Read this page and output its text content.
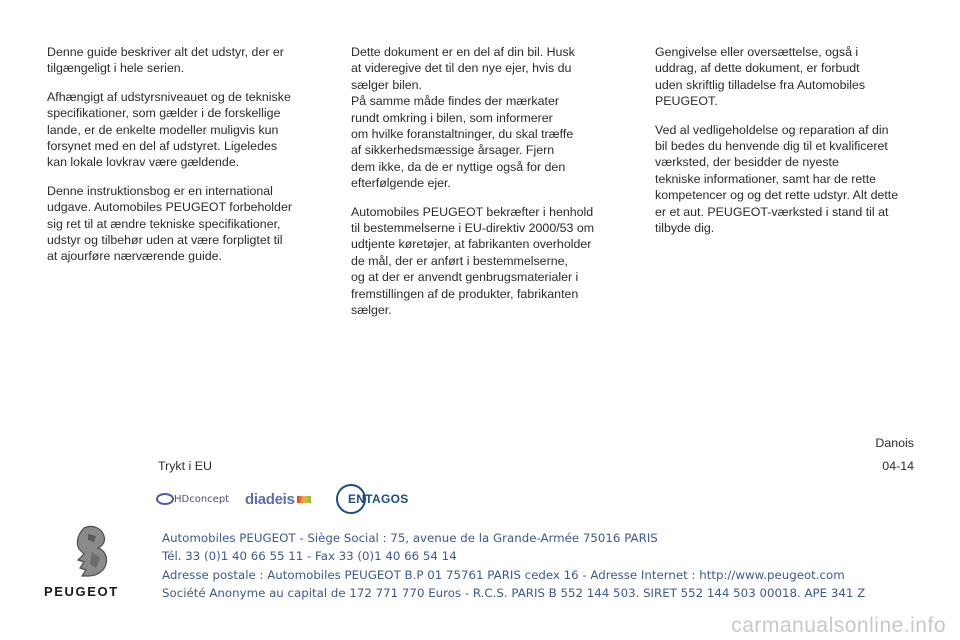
Denne guide beskriver alt det udstyr, der er
tilgængeligt i hele serien.

Afhængigt af udstyrsniveauet og de tekniske
specifikationer, som gælder i de forskellige
lande, er de enkelte modeller muligvis kun
forsynet med en del af udstyret. Ligeledes
kan lokale lovkrav være gældende.

Denne instruktionsbog er en international
udgave. Automobiles PEUGEOT forbeholder
sig ret til at ændre tekniske specifikationer,
udstyr og tilbehør uden at være forpligtet til
at ajourføre nærværende guide.

Dette dokument er en del af din bil. Husk
at videregive det til den nye ejer, hvis du
sælger bilen.
På samme måde findes der mærkater
rundt omkring i bilen, som informerer
om hvilke foranstaltninger, du skal træffe
af sikkerhedsmæssige årsager. Fjern
dem ikke, da de er nyttige også for den
efterfølgende ejer.

Automobiles PEUGEOT bekræfter i henhold
til bestemmelserne i EU-direktiv 2000/53 om
udtjente køretøjer, at fabrikanten overholder
de mål, der er anført i bestemmelserne,
og at der er anvendt genbrugsmaterialer i
fremstillingen af de produkter, fabrikanten
sælger.

Gengivelse eller oversættelse, også i
uddrag, af dette dokument, er forbudt
uden skriftlig tilladelse fra Automobiles
PEUGEOT.

Ved al vedligeholdelse og reparation af din
bil bedes du henvende dig til et kvalificeret
værksted, der besidder de nyeste
tekniske informationer, samt har de rette
kompetencer og og det rette udstyr. Alt dette
er et aut. PEUGEOT-værksted i stand til at
tilbyde dig.

Danois
04-14
Trykt i EU
HDconcept diadeis	ENTAGOS
PEUGEOT
Automobiles PEUGEOT - Siège Social : 75, avenue de la Grande-Armée 75016 PARIS
Tél. 33 (0)1 40 66 55 11 - Fax 33 (0)1 40 66 54 14
Adresse postale : Automobiles PEUGEOT B.P 01 75761 PARIS cedex 16 - Adresse Internet : http://www.peugeot.com
Société Anonyme au capital de 172 771 770 Euros - R.C.S. PARIS B 552 144 503. SIRET 552 144 503 00018. APE 341 Z
carmanualsonline.info
